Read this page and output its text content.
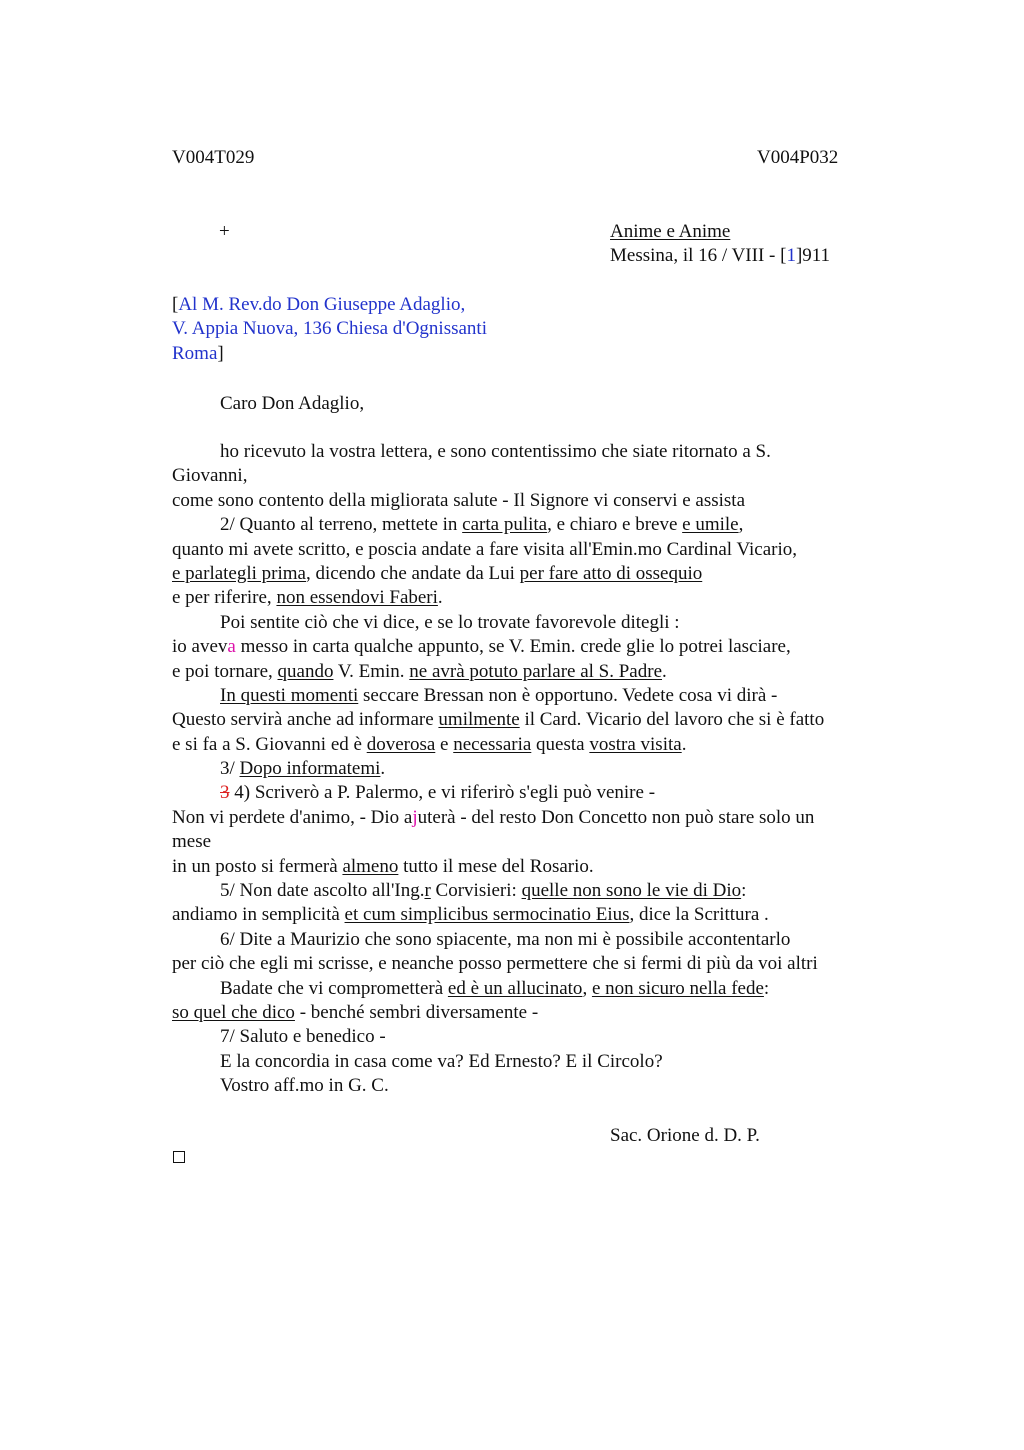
V004T029	V004P032
+	Anime e Anime
Messina, il 16 / VIII - [1]911
[Al M. Rev.do Don Giuseppe Adaglio,
V. Appia Nuova, 136 Chiesa d'Ognissanti
Roma]
Caro Don Adaglio,
ho ricevuto la vostra lettera, e sono contentissimo che siate ritornato a S.
Giovanni,
come sono contento della migliorata salute - Il Signore vi conservi e assista
2/ Quanto al terreno, mettete in carta pulita, e chiaro e breve e umile,
quanto mi avete scritto, e poscia andate a fare visita all'Emin.mo Cardinal Vicario,
e parlategli prima, dicendo che andate da Lui per fare atto di ossequio
e per riferire, non essendovi Faberi.
Poi sentite ciò che vi dice, e se lo trovate favorevole ditegli :
io aveva messo in carta qualche appunto, se V. Emin. crede glie lo potrei lasciare,
e poi tornare, quando V. Emin. ne avrà potuto parlare al S. Padre.
In questi momenti seccare Bressan non è opportuno. Vedete cosa vi dirà -
Questo servirà anche ad informare umilmente il Card. Vicario del lavoro che si è fatto
e si fa a S. Giovanni ed è doverosa e necessaria questa vostra visita.
3/ Dopo informatemi.
3 4) Scriverò a P. Palermo, e vi riferirò s'egli può venire -
Non vi perdete d'animo, - Dio ajuterà - del resto Don Concetto non può stare solo un
mese
in un posto si fermerà almeno tutto il mese del Rosario.
5/ Non date ascolto all'Ing.r Corvisieri: quelle non sono le vie di Dio:
andiamo in semplicità et cum simplicibus sermocinatio Eius, dice la Scrittura .
6/ Dite a Maurizio che sono spiacente, ma non mi è possibile accontentarlo
per ciò che egli mi scrisse, e neanche posso permettere che si fermi di più da voi altri
Badate che vi comprometterà ed è un allucinato, e non sicuro nella fede:
so quel che dico - benché sembri diversamente -
7/ Saluto e benedico -
E la concordia in casa come va? Ed Ernesto? E il Circolo?
Vostro aff.mo in G. C.
Sac. Orione d. D. P.
